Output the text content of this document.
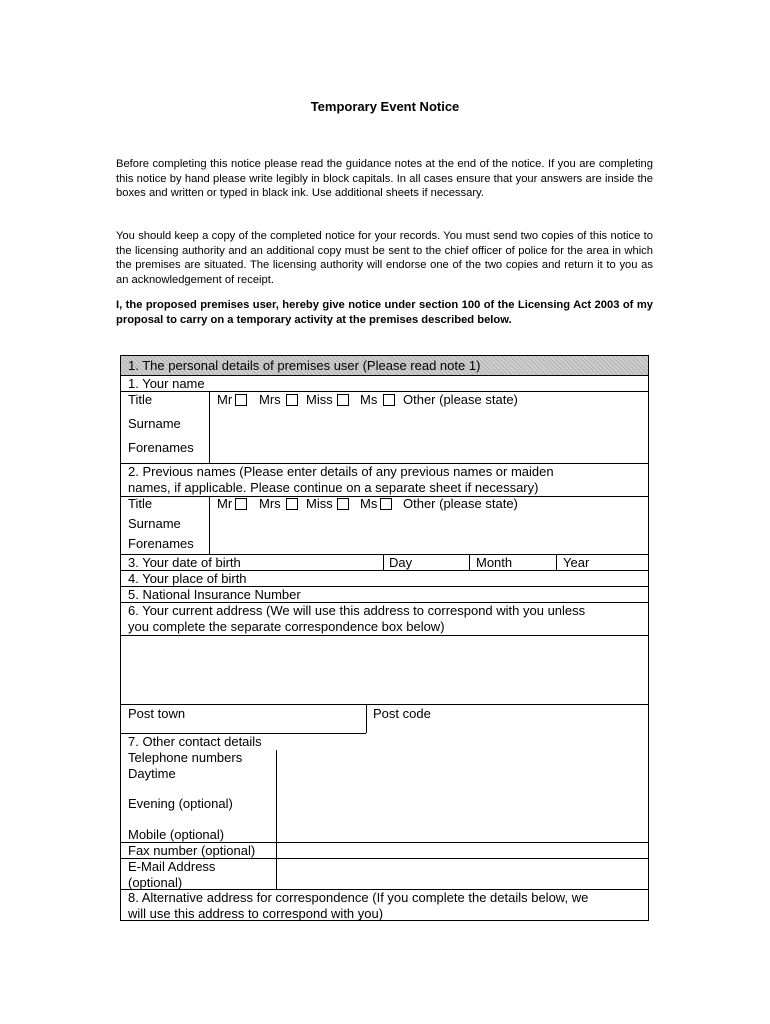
Temporary Event Notice
Before completing this notice please read the guidance notes at the end of the notice. If you are completing this notice by hand please write legibly in block capitals. In all cases ensure that your answers are inside the boxes and written or typed in black ink. Use additional sheets if necessary.
You should keep a copy of the completed notice for your records. You must send two copies of this notice to the licensing authority and an additional copy must be sent to the chief officer of police for the area in which the premises are situated. The licensing authority will endorse one of the two copies and return it to you as an acknowledgement of receipt.
I, the proposed premises user, hereby give notice under section 100 of the Licensing Act 2003 of my proposal to carry on a temporary activity at the premises described below.
1. The personal details of premises user (Please read note 1)
1. Your name
Title	Mr Mrs Miss Ms Other (please state)
Surname
Forenames
2. Previous names (Please enter details of any previous names or maiden
names, if applicable. Please continue on a separate sheet if necessary)
Title	Mr Mrs Miss Ms Other (please state)
Surname
Forenames
3. Your date of birth	Day	Month	Year
4. Your place of birth
5. National Insurance Number
6. Your current address (We will use this address to correspond with you unless
you complete the separate correspondence box below)
Post town	Post code
7. Other contact details
Telephone numbers
Daytime
Evening (optional)
Mobile (optional)
Fax number (optional)
E-Mail Address
(optional)
8. Alternative address for correspondence (If you complete the details below, we
will use this address to correspond with you)
